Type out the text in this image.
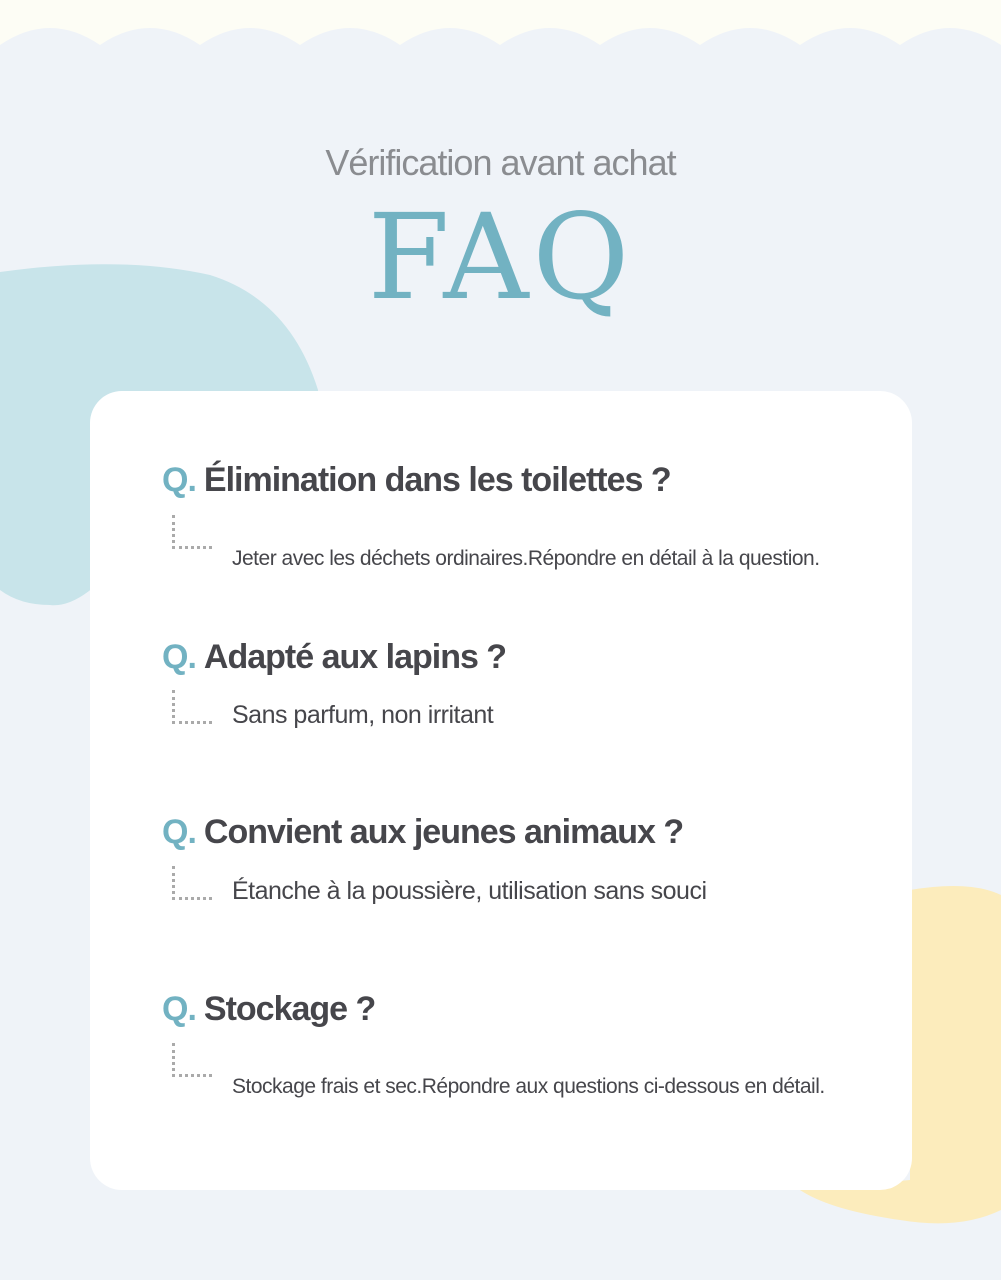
Vérification avant achat
FAQ
Q. Élimination dans les toilettes ?
Jeter avec les déchets ordinaires.Répondre en détail à la question.
Q. Adapté aux lapins ?
Sans parfum, non irritant
Q. Convient aux jeunes animaux ?
Étanche à la poussière, utilisation sans souci
Q. Stockage ?
Stockage frais et sec.Répondre aux questions ci-dessous en détail.
